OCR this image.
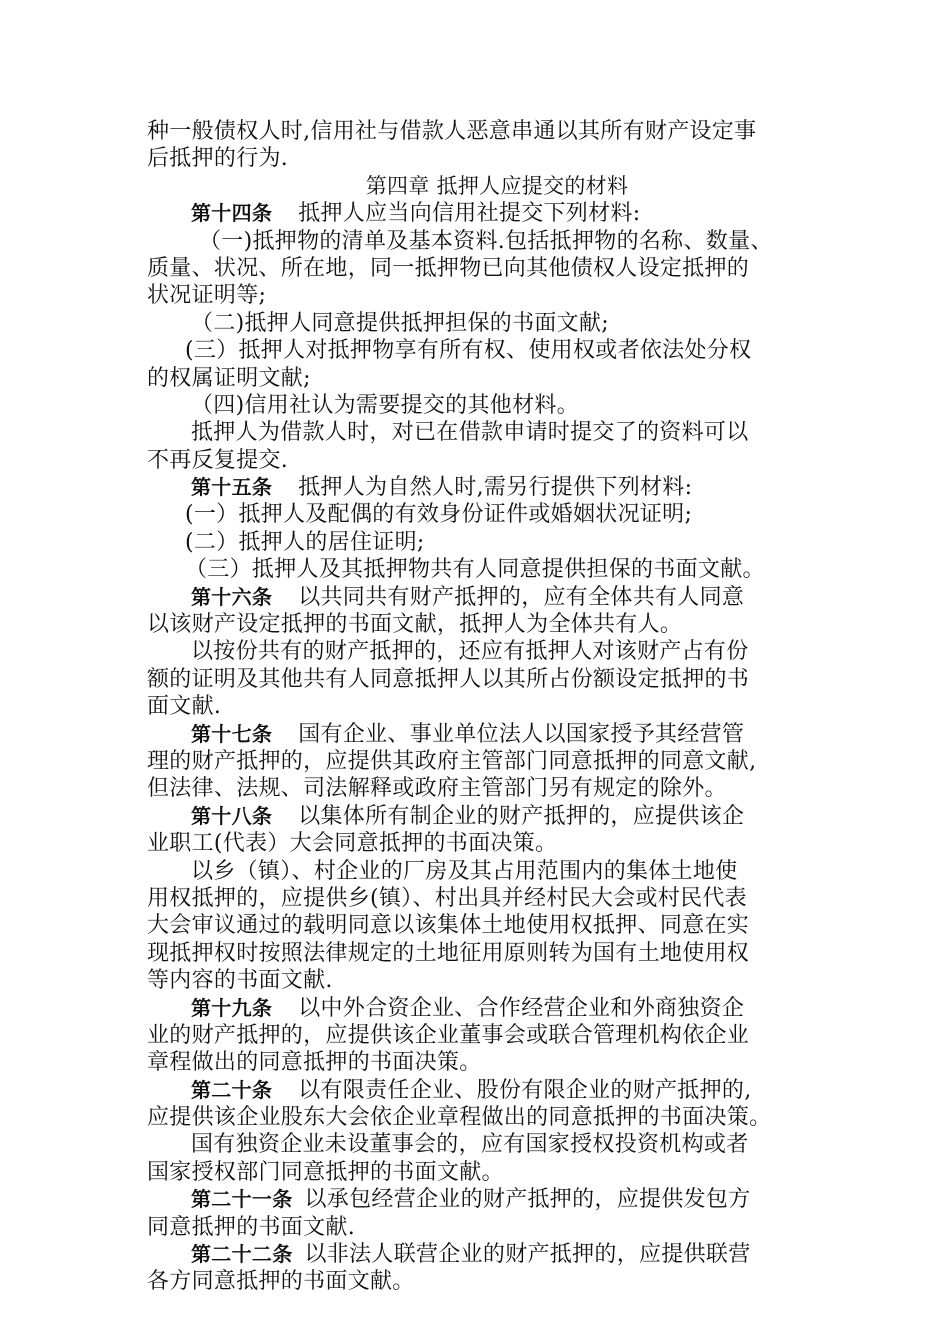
种一般债权人时,信用社与借款人恶意串通以其所有财产设定事
后抵押的行为.
第四章 抵押人应提交的材料
第十四条 抵押人应当向信用社提交下列材料:
（一)抵押物的清单及基本资料.包括抵押物的名称、数量、
质量、状况、所在地，同一抵押物已向其他债权人设定抵押的
状况证明等;
（二)抵押人同意提供抵押担保的书面文献;
(三）抵押人对抵押物享有所有权、使用权或者依法处分权
的权属证明文献;
（四)信用社认为需要提交的其他材料。
抵押人为借款人时，对已在借款申请时提交了的资料可以
不再反复提交.
第十五条 抵押人为自然人时,需另行提供下列材料:
(一）抵押人及配偶的有效身份证件或婚姻状况证明;
(二）抵押人的居住证明;
（三）抵押人及其抵押物共有人同意提供担保的书面文献。
第十六条 以共同共有财产抵押的，应有全体共有人同意
以该财产设定抵押的书面文献，抵押人为全体共有人。
以按份共有的财产抵押的，还应有抵押人对该财产占有份
额的证明及其他共有人同意抵押人以其所占份额设定抵押的书
面文献.
第十七条 国有企业、事业单位法人以国家授予其经营管
理的财产抵押的，应提供其政府主管部门同意抵押的同意文献,
但法律、法规、司法解释或政府主管部门另有规定的除外。
第十八条 以集体所有制企业的财产抵押的，应提供该企
业职工(代表）大会同意抵押的书面决策。
以乡（镇）、村企业的厂房及其占用范围内的集体土地使
用权抵押的，应提供乡(镇）、村出具并经村民大会或村民代表
大会审议通过的载明同意以该集体土地使用权抵押、同意在实
现抵押权时按照法律规定的土地征用原则转为国有土地使用权
等内容的书面文献.
第十九条 以中外合资企业、合作经营企业和外商独资企
业的财产抵押的，应提供该企业董事会或联合管理机构依企业
章程做出的同意抵押的书面决策。
第二十条 以有限责任企业、股份有限企业的财产抵押的,
应提供该企业股东大会依企业章程做出的同意抵押的书面决策。
国有独资企业未设董事会的，应有国家授权投资机构或者
国家授权部门同意抵押的书面文献。
第二十一条 以承包经营企业的财产抵押的，应提供发包方
同意抵押的书面文献.
第二十二条 以非法人联营企业的财产抵押的，应提供联营
各方同意抵押的书面文献。
